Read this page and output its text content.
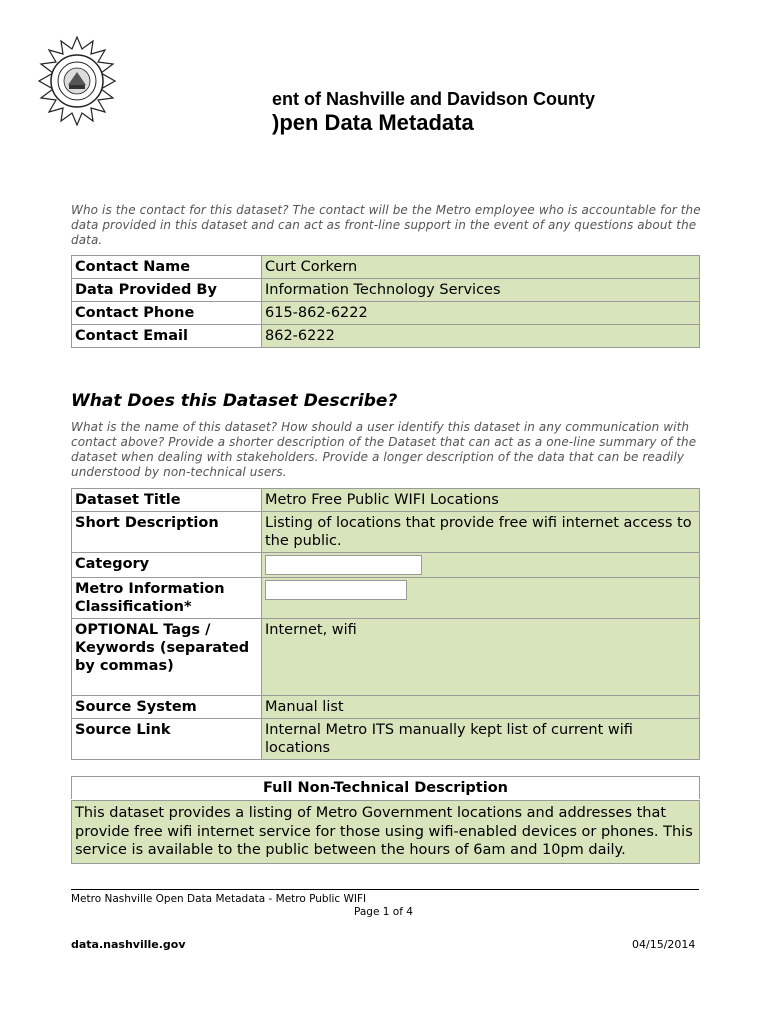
ent of Nashville and Davidson County
)pen Data Metadata
Who is the contact for this dataset? The contact will be the Metro employee who is accountable for the data provided in this dataset and can act as front-line support in the event of any questions about the data.
Contact Name	Curt Corkern
Data Provided By	Information Technology Services
Contact Phone	615-862-6222
Contact Email	862-6222
What Does this Dataset Describe?
What is the name of this dataset? How should a user identify this dataset in any communication with contact above? Provide a shorter description of the Dataset that can act as a one-line summary of the dataset when dealing with stakeholders. Provide a longer description of the data that can be readily understood by non-technical users.
Dataset Title	Metro Free Public WIFI Locations
Short Description	Listing of locations that provide free wifi internet access to the public.
Category	
Metro Information Classification*	
OPTIONAL Tags / Keywords (separated by commas)	Internet, wifi
Source System	Manual list
Source Link	Internal Metro ITS manually kept list of current wifi locations
Full Non-Technical Description
This dataset provides a listing of Metro Government locations and addresses that provide free wifi internet service for those using wifi-enabled devices or phones. This service is available to the public between the hours of 6am and 10pm daily.
Metro Nashville Open Data Metadata - Metro Public WIFI
Page 1 of 4
data.nashville.gov	04/15/2014
